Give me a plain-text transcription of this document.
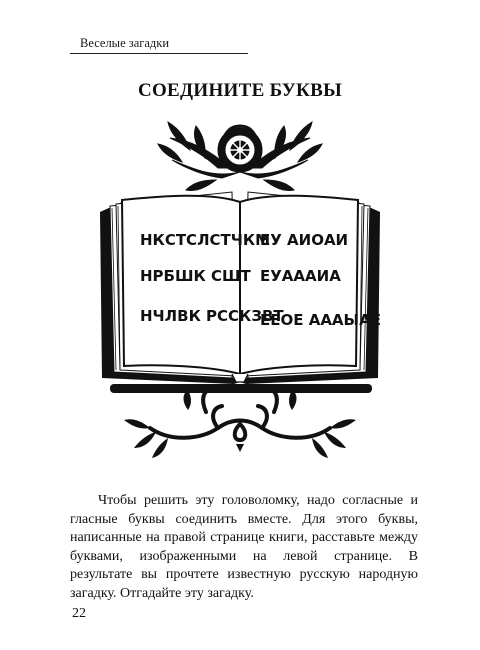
Веселые загадки
СОЕДИНИТЕ БУКВЫ
НКСТСЛСТЧКМ
НРБШК СШТ
НЧЛВК РССКЗВТ
ЕУ АИОАИ
ЕУАААИА
ЕЕОЕ АААЫАЕ

Чтобы решить эту головоломку, надо согласные и гласные буквы соединить вместе. Для этого буквы, написанные на правой странице книги, расставьте между буквами, изображенными на левой странице. В результате вы прочтете известную русскую народную загадку. Отгадайте эту загадку.

22
